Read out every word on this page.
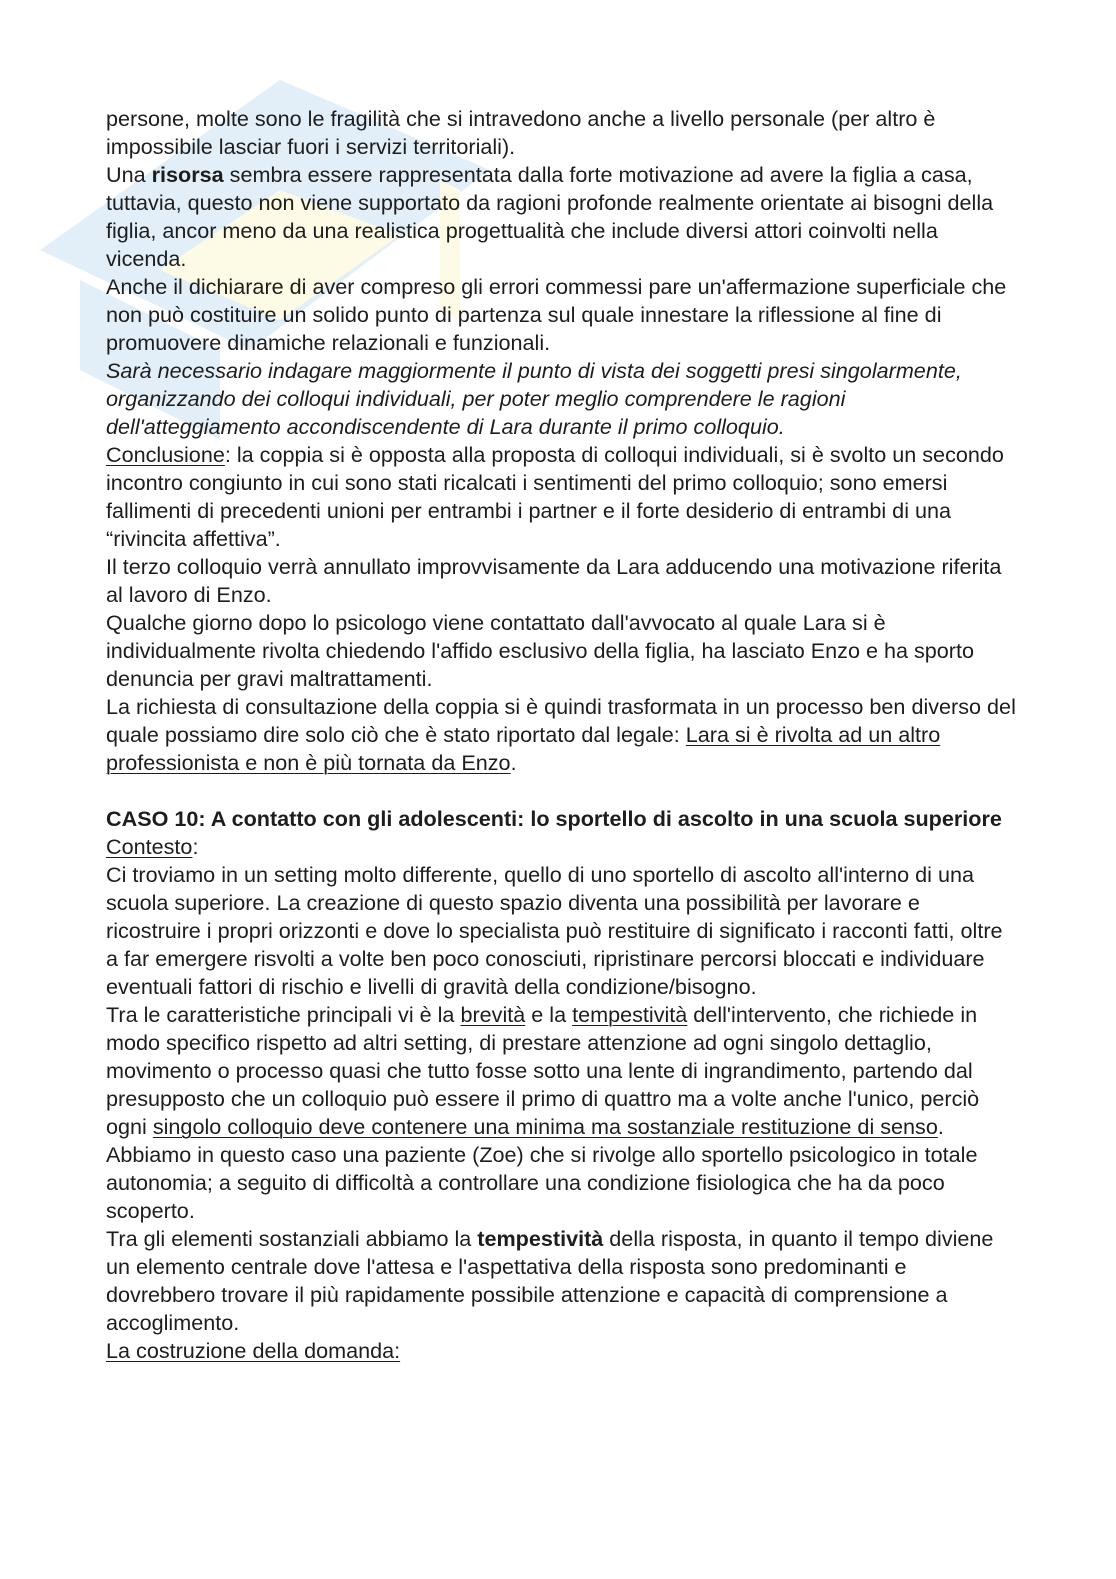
persone, molte sono le fragilità che si intravedono anche a livello personale (per altro è impossibile lasciar fuori i servizi territoriali).

Una risorsa sembra essere rappresentata dalla forte motivazione ad avere la figlia a casa, tuttavia, questo non viene supportato da ragioni profonde realmente orientate ai bisogni della figlia, ancor meno da una realistica progettualità che include diversi attori coinvolti nella vicenda.

Anche il dichiarare di aver compreso gli errori commessi pare un'affermazione superficiale che non può costituire un solido punto di partenza sul quale innestare la riflessione al fine di promuovere dinamiche relazionali e funzionali.

Sarà necessario indagare maggiormente il punto di vista dei soggetti presi singolarmente, organizzando dei colloqui individuali, per poter meglio comprendere le ragioni dell'atteggiamento accondiscendente di Lara durante il primo colloquio.

Conclusione: la coppia si è opposta alla proposta di colloqui individuali, si è svolto un secondo incontro congiunto in cui sono stati ricalcati i sentimenti del primo colloquio; sono emersi fallimenti di precedenti unioni per entrambi i partner e il forte desiderio di entrambi di una “rivincita affettiva”.

Il terzo colloquio verrà annullato improvvisamente da Lara adducendo una motivazione riferita al lavoro di Enzo.

Qualche giorno dopo lo psicologo viene contattato dall'avvocato al quale Lara si è individualmente rivolta chiedendo l'affido esclusivo della figlia, ha lasciato Enzo e ha sporto denuncia per gravi maltrattamenti.

La richiesta di consultazione della coppia si è quindi trasformata in un processo ben diverso del quale possiamo dire solo ciò che è stato riportato dal legale: Lara si è rivolta ad un altro professionista e non è più tornata da Enzo.

CASO 10: A contatto con gli adolescenti: lo sportello di ascolto in una scuola superiore

Contesto:

Ci troviamo in un setting molto differente, quello di uno sportello di ascolto all'interno di una scuola superiore. La creazione di questo spazio diventa una possibilità per lavorare e ricostruire i propri orizzonti e dove lo specialista può restituire di significato i racconti fatti, oltre a far emergere risvolti a volte ben poco conosciuti, ripristinare percorsi bloccati e individuare eventuali fattori di rischio e livelli di gravità della condizione/bisogno.

Tra le caratteristiche principali vi è la brevità e la tempestività dell'intervento, che richiede in modo specifico rispetto ad altri setting, di prestare attenzione ad ogni singolo dettaglio, movimento o processo quasi che tutto fosse sotto una lente di ingrandimento, partendo dal presupposto che un colloquio può essere il primo di quattro ma a volte anche l'unico, perciò ogni singolo colloquio deve contenere una minima ma sostanziale restituzione di senso.

Abbiamo in questo caso una paziente (Zoe) che si rivolge allo sportello psicologico in totale autonomia; a seguito di difficoltà a controllare una condizione fisiologica che ha da poco scoperto.

Tra gli elementi sostanziali abbiamo la tempestività della risposta, in quanto il tempo diviene un elemento centrale dove l'attesa e l'aspettativa della risposta sono predominanti e dovrebbero trovare il più rapidamente possibile attenzione e capacità di comprensione a accoglimento.

La costruzione della domanda:
